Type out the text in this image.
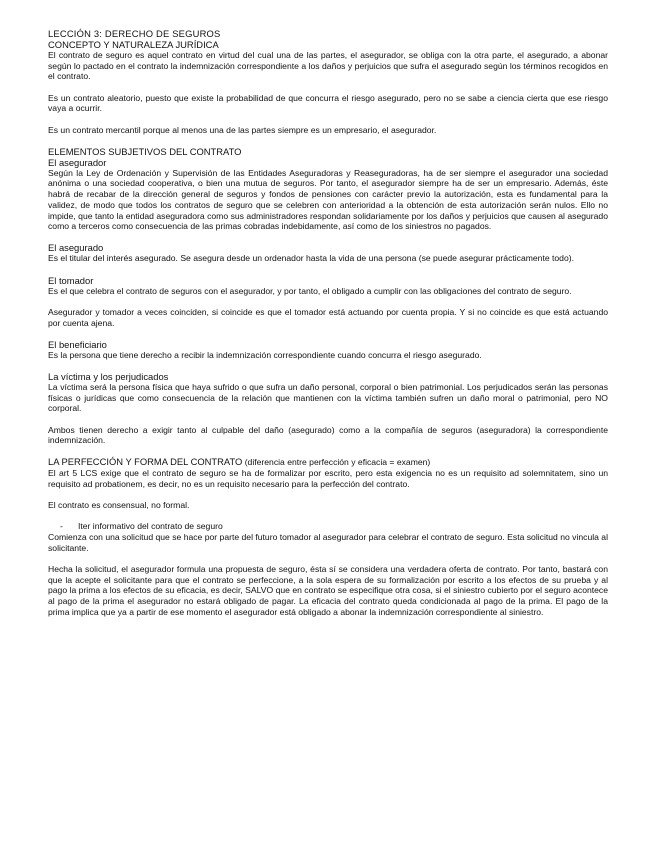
LECCIÓN 3: DERECHO DE SEGUROS

CONCEPTO Y NATURALEZA JURÍDICA

El contrato de seguro es aquel contrato en virtud del cual una de las partes, el asegurador, se obliga con la otra parte, el asegurado, a abonar según lo pactado en el contrato la indemnización correspondiente a los daños y perjuicios que sufra el asegurado según los términos recogidos en el contrato.

Es un contrato aleatorio, puesto que existe la probabilidad de que concurra el riesgo asegurado, pero no se sabe a ciencia cierta que ese riesgo vaya a ocurrir.

Es un contrato mercantil porque al menos una de las partes siempre es un empresario, el asegurador.

ELEMENTOS SUBJETIVOS DEL CONTRATO

El asegurador

Según la Ley de Ordenación y Supervisión de las Entidades Aseguradoras y Reaseguradoras, ha de ser siempre el asegurador una sociedad anónima o una sociedad cooperativa, o bien una mutua de seguros. Por tanto, el asegurador siempre ha de ser un empresario. Además, éste habrá de recabar de la dirección general de seguros y fondos de pensiones con carácter previo la autorización, esta es fundamental para la validez, de modo que todos los contratos de seguro que se celebren con anterioridad a la obtención de esta autorización serán nulos. Ello no impide, que tanto la entidad aseguradora como sus administradores respondan solidariamente por los daños y perjuicios que causen al asegurado como a terceros como consecuencia de las primas cobradas indebidamente, así como de los siniestros no pagados.

El asegurado

Es el titular del interés asegurado. Se asegura desde un ordenador hasta la vida de una persona (se puede asegurar prácticamente todo).

El tomador

Es el que celebra el contrato de seguros con el asegurador, y por tanto, el obligado a cumplir con las obligaciones del contrato de seguro.

Asegurador y tomador a veces coinciden, si coincide es que el tomador está actuando por cuenta propia. Y si no coincide es que está actuando por cuenta ajena.

El beneficiario

Es la persona que tiene derecho a recibir la indemnización correspondiente cuando concurra el riesgo asegurado.

La víctima y los perjudicados

La víctima será la persona física que haya sufrido o que sufra un daño personal, corporal o bien patrimonial. Los perjudicados serán las personas físicas o jurídicas que como consecuencia de la relación que mantienen con la víctima también sufren un daño moral o patrimonial, pero NO corporal.

Ambos tienen derecho a exigir tanto al culpable del daño (asegurado) como a la compañía de seguros (aseguradora) la correspondiente indemnización.

LA PERFECCIÓN Y FORMA DEL CONTRATO (diferencia entre perfección y eficacia = examen)

El art 5 LCS exige que el contrato de seguro se ha de formalizar por escrito, pero esta exigencia no es un requisito ad solemnitatem, sino un requisito ad probationem, es decir, no es un requisito necesario para la perfección del contrato.

El contrato es consensual, no formal.

- Iter informativo del contrato de seguro

Comienza con una solicitud que se hace por parte del futuro tomador al asegurador para celebrar el contrato de seguro. Esta solicitud no vincula al solicitante.

Hecha la solicitud, el asegurador formula una propuesta de seguro, ésta sí se considera una verdadera oferta de contrato. Por tanto, bastará con que la acepte el solicitante para que el contrato se perfeccione, a la sola espera de su formalización por escrito a los efectos de su prueba y al pago la prima a los efectos de su eficacia, es decir, SALVO que en contrato se especifique otra cosa, si el siniestro cubierto por el seguro acontece al pago de la prima el asegurador no estará obligado de pagar. La eficacia del contrato queda condicionada al pago de la prima. El pago de la prima implica que ya a partir de ese momento el asegurador está obligado a abonar la indemnización correspondiente al siniestro.
